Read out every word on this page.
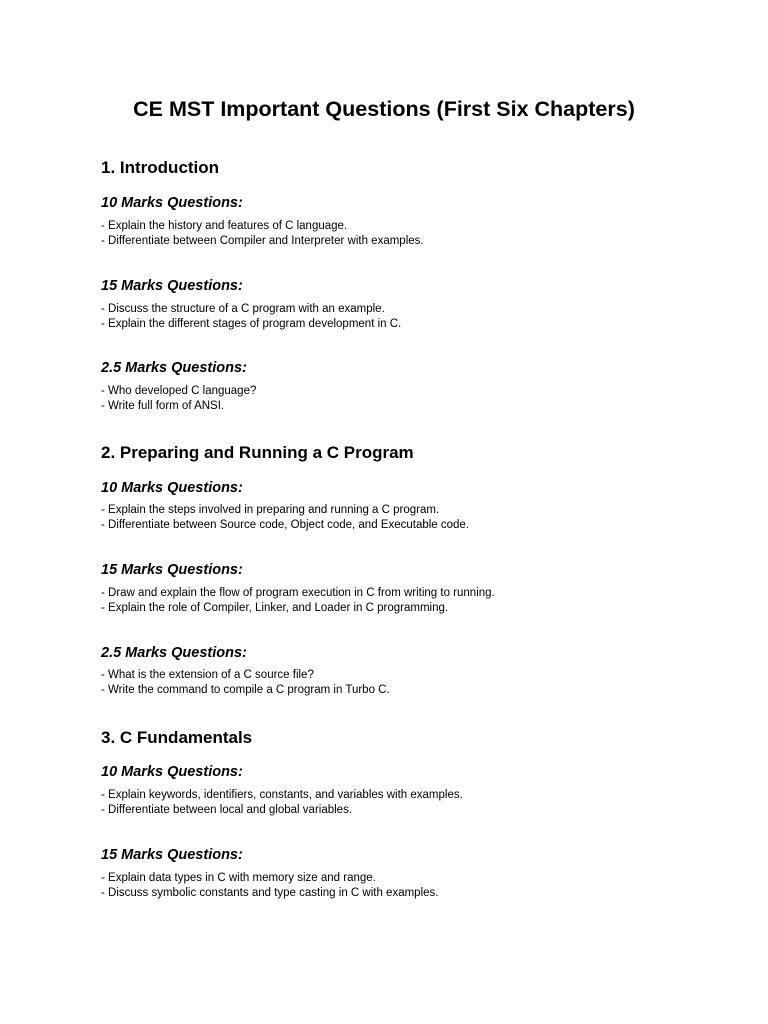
CE MST Important Questions (First Six Chapters)
1. Introduction
10 Marks Questions:

- Explain the history and features of C language.

- Differentiate between Compiler and Interpreter with examples.

15 Marks Questions:

- Discuss the structure of a C program with an example.

- Explain the different stages of program development in C.

2.5 Marks Questions:

- Who developed C language?

- Write full form of ANSI.

2. Preparing and Running a C Program
10 Marks Questions:

- Explain the steps involved in preparing and running a C program.

- Differentiate between Source code, Object code, and Executable code.

15 Marks Questions:

- Draw and explain the flow of program execution in C from writing to running.

- Explain the role of Compiler, Linker, and Loader in C programming.

2.5 Marks Questions:

- What is the extension of a C source file?

- Write the command to compile a C program in Turbo C.

3. C Fundamentals
10 Marks Questions:

- Explain keywords, identifiers, constants, and variables with examples.

- Differentiate between local and global variables.

15 Marks Questions:

- Explain data types in C with memory size and range.

- Discuss symbolic constants and type casting in C with examples.
